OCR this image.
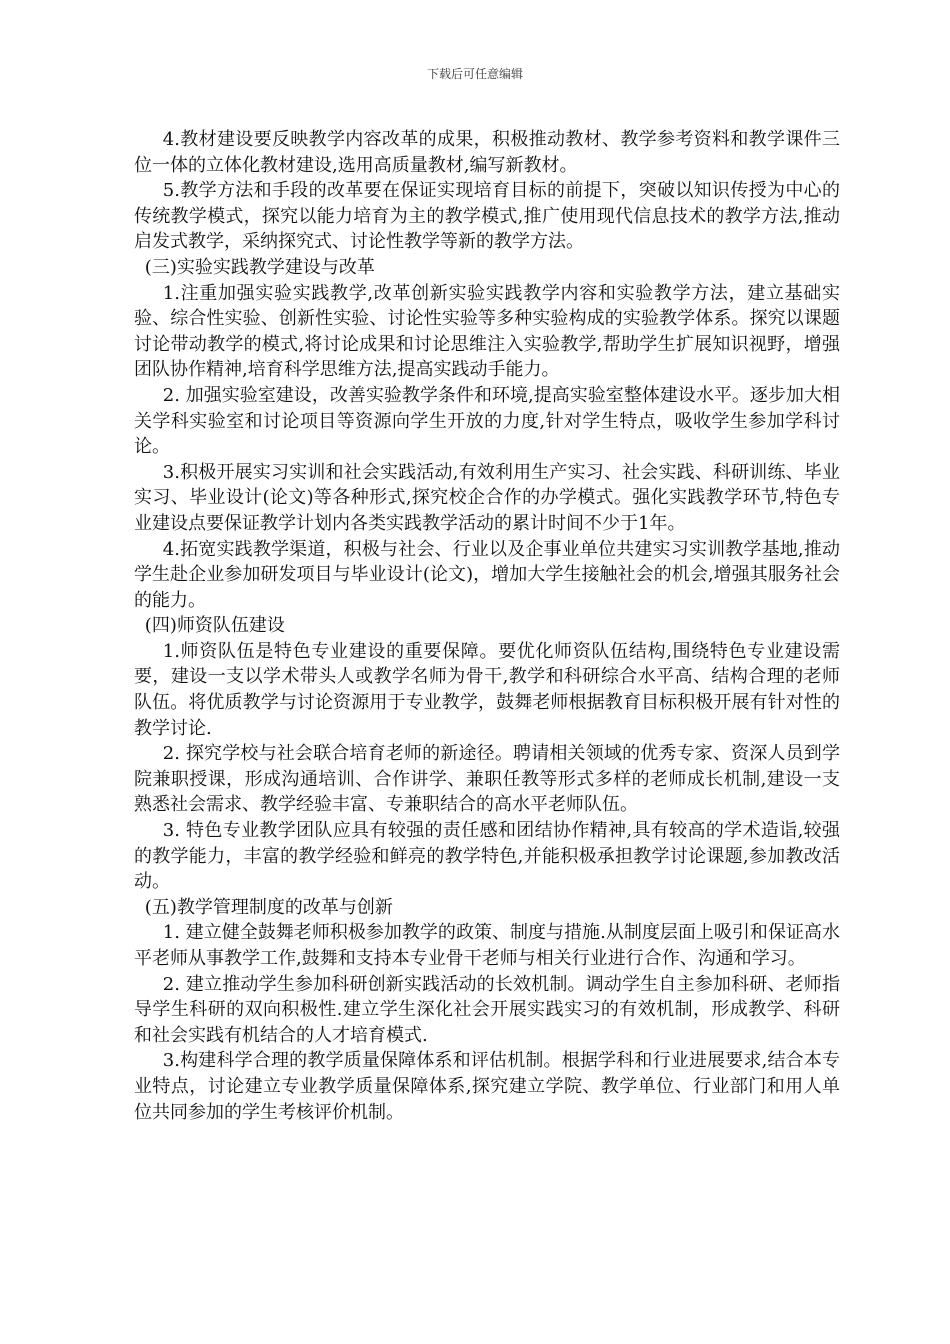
下载后可任意编辑

4.教材建设要反映教学内容改革的成果，积极推动教材、教学参考资料和教学课件三位一体的立体化教材建设,选用高质量教材,编写新教材。

5.教学方法和手段的改革要在保证实现培育目标的前提下，突破以知识传授为中心的传统教学模式，探究以能力培育为主的教学模式,推广使用现代信息技术的教学方法,推动启发式教学，采纳探究式、讨论性教学等新的教学方法。

(三)实验实践教学建设与改革

1.注重加强实验实践教学,改革创新实验实践教学内容和实验教学方法，建立基础实验、综合性实验、创新性实验、讨论性实验等多种实验构成的实验教学体系。探究以课题讨论带动教学的模式,将讨论成果和讨论思维注入实验教学,帮助学生扩展知识视野，增强团队协作精神,培育科学思维方法,提高实践动手能力。

2. 加强实验室建设，改善实验教学条件和环境,提高实验室整体建设水平。逐步加大相关学科实验室和讨论项目等资源向学生开放的力度,针对学生特点，吸收学生参加学科讨论。

3.积极开展实习实训和社会实践活动,有效利用生产实习、社会实践、科研训练、毕业实习、毕业设计(论文)等各种形式,探究校企合作的办学模式。强化实践教学环节,特色专业建设点要保证教学计划内各类实践教学活动的累计时间不少于1年。

4.拓宽实践教学渠道，积极与社会、行业以及企事业单位共建实习实训教学基地,推动学生赴企业参加研发项目与毕业设计(论文)，增加大学生接触社会的机会,增强其服务社会的能力。

(四)师资队伍建设

1.师资队伍是特色专业建设的重要保障。要优化师资队伍结构,围绕特色专业建设需要，建设一支以学术带头人或教学名师为骨干,教学和科研综合水平高、结构合理的老师队伍。将优质教学与讨论资源用于专业教学，鼓舞老师根据教育目标积极开展有针对性的教学讨论.

2. 探究学校与社会联合培育老师的新途径。聘请相关领域的优秀专家、资深人员到学院兼职授课，形成沟通培训、合作讲学、兼职任教等形式多样的老师成长机制,建设一支熟悉社会需求、教学经验丰富、专兼职结合的高水平老师队伍。

3. 特色专业教学团队应具有较强的责任感和团结协作精神,具有较高的学术造诣,较强的教学能力，丰富的教学经验和鲜亮的教学特色,并能积极承担教学讨论课题,参加教改活动。

(五)教学管理制度的改革与创新

1. 建立健全鼓舞老师积极参加教学的政策、制度与措施.从制度层面上吸引和保证高水平老师从事教学工作,鼓舞和支持本专业骨干老师与相关行业进行合作、沟通和学习。

2. 建立推动学生参加科研创新实践活动的长效机制。调动学生自主参加科研、老师指导学生科研的双向积极性.建立学生深化社会开展实践实习的有效机制，形成教学、科研和社会实践有机结合的人才培育模式.

3.构建科学合理的教学质量保障体系和评估机制。根据学科和行业进展要求,结合本专业特点，讨论建立专业教学质量保障体系,探究建立学院、教学单位、行业部门和用人单位共同参加的学生考核评价机制。
